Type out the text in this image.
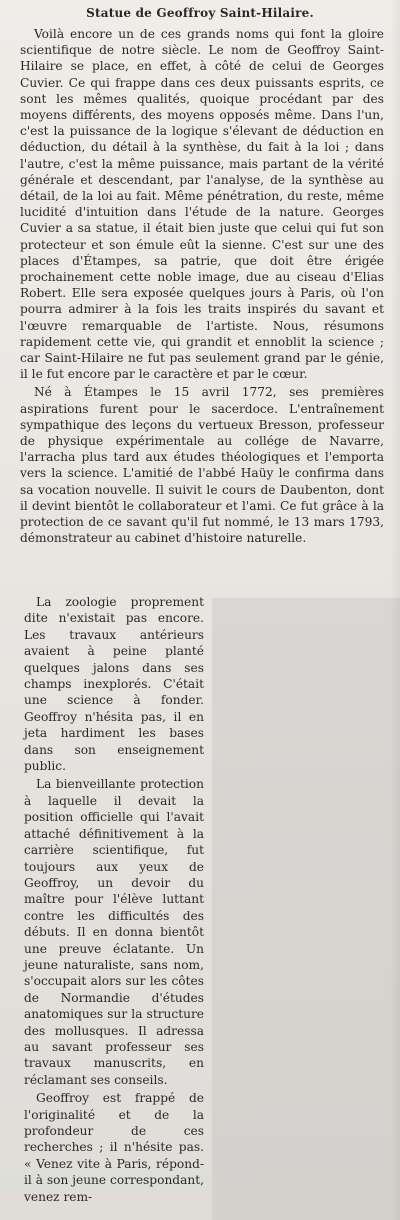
Statue de Geoffroy Saint-Hilaire.

Voilà encore un de ces grands noms qui font la gloire scientifique de notre siècle. Le nom de Geoffroy Saint-Hilaire se place, en effet, à côté de celui de Georges Cuvier. Ce qui frappe dans ces deux puissants esprits, ce sont les mêmes qualités, quoique procédant par des moyens différents, des moyens opposés même. Dans l'un, c'est la puissance de la logique s'élevant de déduction en déduction, du détail à la synthèse, du fait à la loi ; dans l'autre, c'est la même puissance, mais partant de la vérité générale et descendant, par l'analyse, de la synthèse au détail, de la loi au fait. Même pénétration, du reste, même lucidité d'intuition dans l'étude de la nature. Georges Cuvier a sa statue, il était bien juste que celui qui fut son protecteur et son émule eût la sienne. C'est sur une des places d'Étampes, sa patrie, que doit être érigée prochainement cette noble image, due au ciseau d'Elias Robert. Elle sera exposée quelques jours à Paris, où l'on pourra admirer à la fois les traits inspirés du savant et l'œuvre remarquable de l'artiste. Nous, résumons rapidement cette vie, qui grandit et ennoblit la science ; car Saint-Hilaire ne fut pas seulement grand par le génie, il le fut encore par le caractère et par le cœur.

Né à Étampes le 15 avril 1772, ses premières aspirations furent pour le sacerdoce. L'entraînement sympathique des leçons du vertueux Bresson, professeur de physique expérimentale au collége de Navarre, l'arracha plus tard aux études théologiques et l'emporta vers la science. L'amitié de l'abbé Haüy le confirma dans sa vocation nouvelle. Il suivit le cours de Daubenton, dont il devint bientôt le collaborateur et l'ami. Ce fut grâce à la protection de ce savant qu'il fut nommé, le 13 mars 1793, démonstrateur au cabinet d'histoire naturelle.

La zoologie proprement dite n'existait pas encore. Les travaux antérieurs avaient à peine planté quelques jalons dans ses champs inexplorés. C'était une science à fonder. Geoffroy n'hésita pas, il en jeta hardiment les bases dans son enseignement public.

La bienveillante protection à laquelle il devait la position officielle qui l'avait attaché définitivement à la carrière scientifique, fut toujours aux yeux de Geoffroy, un devoir du maître pour l'élève luttant contre les difficultés des débuts. Il en donna bientôt une preuve éclatante. Un jeune naturaliste, sans nom, s'occupait alors sur les côtes de Normandie d'études anatomiques sur la structure des mollusques. Il adressa au savant professeur ses travaux manuscrits, en réclamant ses conseils.

Geoffroy est frappé de l'originalité et de la profondeur de ces recherches ; il n'hésite pas. « Venez vite à Paris, répond-il à son jeune correspondant, venez rem-
